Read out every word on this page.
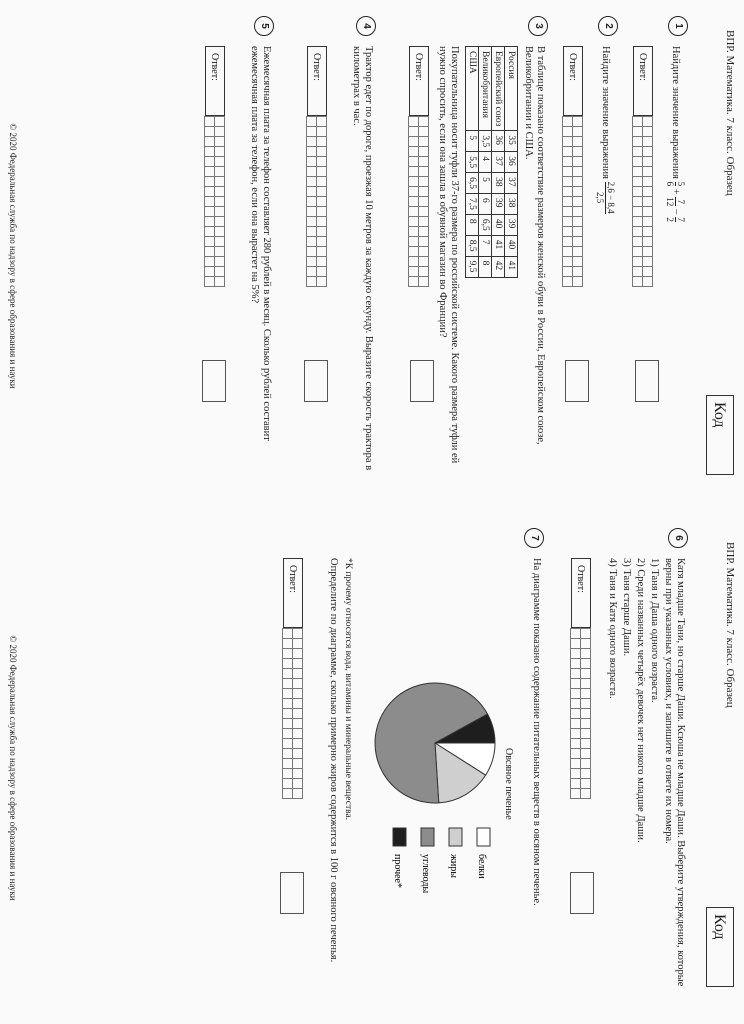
ВПР. Математика. 7 класс. Образец
Код
1
Найдите значение выражения
5
6
+
7
12
−
7
2
Ответ:
2
Найдите значение выражения
2,6 − 8,4
2,5
Ответ:
3
В таблице показано соответствие размеров женской обуви в России, Европейском союзе, Великобритании и США.
Россия	35	36	37	38	39	40	41
Европейский союз	36	37	38	39	40	41	42
Великобритания	3,5	4	5	6	6,5	7	8
США	5	5,5	6,5	7,5	8	8,5	9,5
Покупательница носит туфли 37-го размера по российской системе. Какого размера туфли ей нужно спросить, если она зашла в обувной магазин во Франции?
Ответ:
4
Трактор едет по дороге, проезжая 10 метров за каждую секунду. Выразите скорость трактора в километрах в час.
Ответ:
5
Ежемесячная плата за телефон составляет 280 рублей в месяц. Сколько рублей составит ежемесячная плата за телефон, если она вырастет на 5%?
Ответ:
© 2020 Федеральная служба по надзору в сфере образования и науки
ВПР. Математика. 7 класс. Образец
Код
6
Катя младше Тани, но старше Даши. Ксюша не младше Даши. Выберите утверждения, которые верны при указанных условиях, и запишите в ответе их номера.
1) Таня и Даша одного возраста.
2) Среди названных четырёх девочек нет никого младше Даши.
3) Таня старше Даши.
4) Таня и Катя одного возраста.
Ответ:
7
На диаграмме показано содержание питательных веществ в овсяном печенье.
Овсяное печенье
белки
жиры
углеводы
прочее*
*К прочему относятся вода, витамины и минеральные вещества.
Определите по диаграмме, сколько примерно жиров содержится в 100 г овсяного печенья.
Ответ:
© 2020 Федеральная служба по надзору в сфере образования и науки
